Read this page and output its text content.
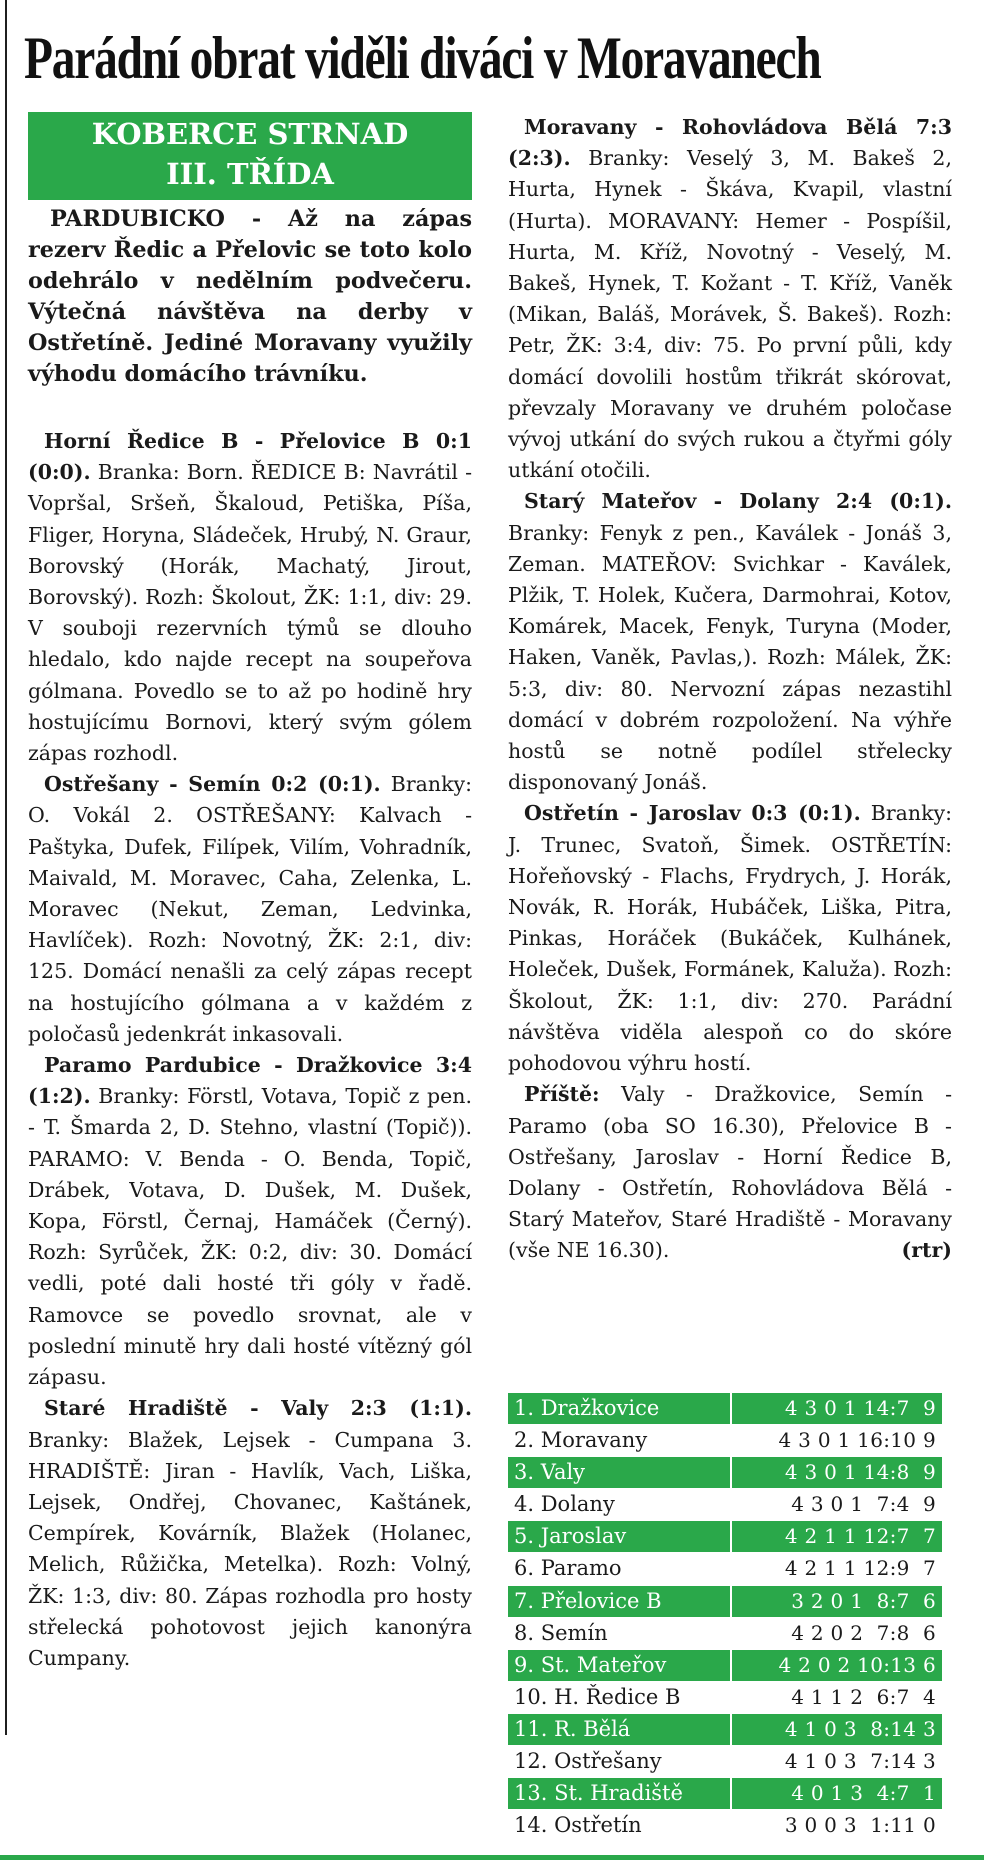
Parádní obrat viděli diváci v Moravanech
KOBERCE STRNAD
III. TŘÍDA

PARDUBICKO - Až na zápas rezerv Ředic a Přelovic se toto kolo odehrálo v nedělním podvečeru. Výtečná návštěva na derby v Ostřetíně. Jediné Moravany využily výhodu domácího trávníku.

Horní Ředice B - Přelovice B 0:1 (0:0). Branka: Born. ŘEDICE B: Navrátil - Vopršal, Sršeň, Škaloud, Petiška, Píša, Fliger, Horyna, Sládeček, Hrubý, N. Graur, Borovský (Horák, Machatý, Jirout, Borovský). Rozh: Školout, ŽK: 1:1, div: 29. V souboji rezervních týmů se dlouho hledalo, kdo najde recept na soupeřova gólmana. Povedlo se to až po hodině hry hostujícímu Bornovi, který svým gólem zápas rozhodl.

Ostřešany - Semín 0:2 (0:1). Branky: O. Vokál 2. OSTŘEŠANY: Kalvach - Paštyka, Dufek, Filípek, Vilím, Vohradník, Maivald, M. Moravec, Caha, Zelenka, L. Moravec (Nekut, Zeman, Ledvinka, Havlíček). Rozh: Novotný, ŽK: 2:1, div: 125. Domácí nenašli za celý zápas recept na hostujícího gólmana a v každém z poločasů jedenkrát inkasovali.

Paramo Pardubice - Dražkovice 3:4 (1:2). Branky: Förstl, Votava, Topič z pen. - T. Šmarda 2, D. Stehno, vlastní (Topič)). PARAMO: V. Benda - O. Benda, Topič, Drábek, Votava, D. Dušek, M. Dušek, Kopa, Förstl, Černaj, Hamáček (Černý). Rozh: Syrůček, ŽK: 0:2, div: 30. Domácí vedli, poté dali hosté tři góly v řadě. Ramovce se povedlo srovnat, ale v poslední minutě hry dali hosté vítězný gól zápasu.

Staré Hradiště - Valy 2:3 (1:1). Branky: Blažek, Lejsek - Cumpana 3. HRADIŠTĚ: Jiran - Havlík, Vach, Liška, Lejsek, Ondřej, Chovanec, Kaštánek, Cempírek, Kovárník, Blažek (Holanec, Melich, Růžička, Metelka). Rozh: Volný, ŽK: 1:3, div: 80. Zápas rozhodla pro hosty střelecká pohotovost jejich kanonýra Cumpany.

Moravany - Rohovládova Bělá 7:3 (2:3). Branky: Veselý 3, M. Bakeš 2, Hurta, Hynek - Škáva, Kvapil, vlastní (Hurta). MORAVANY: Hemer - Pospíšil, Hurta, M. Kříž, Novotný - Veselý, M. Bakeš, Hynek, T. Kožant - T. Kříž, Vaněk (Mikan, Baláš, Morávek, Š. Bakeš). Rozh: Petr, ŽK: 3:4, div: 75. Po první půli, kdy domácí dovolili hostům třikrát skórovat, převzaly Moravany ve druhém poločase vývoj utkání do svých rukou a čtyřmi góly utkání otočili.

Starý Mateřov - Dolany 2:4 (0:1). Branky: Fenyk z pen., Kaválek - Jonáš 3, Zeman. MATEŘOV: Svichkar - Kaválek, Plžik, T. Holek, Kučera, Darmohrai, Kotov, Komárek, Macek, Fenyk, Turyna (Moder, Haken, Vaněk, Pavlas,). Rozh: Málek, ŽK: 5:3, div: 80. Nervozní zápas nezastihl domácí v dobrém rozpoložení. Na výhře hostů se notně podílel střelecky disponovaný Jonáš.

Ostřetín - Jaroslav 0:3 (0:1). Branky: J. Trunec, Svatoň, Šimek. OSTŘETÍN: Hořeňovský - Flachs, Frydrych, J. Horák, Novák, R. Horák, Hubáček, Liška, Pitra, Pinkas, Horáček (Bukáček, Kulhánek, Holeček, Dušek, Formánek, Kaluža). Rozh: Školout, ŽK: 1:1, div: 270. Parádní návštěva viděla alespoň co do skóre pohodovou výhru hostí.

Příště: Valy - Dražkovice, Semín - Paramo (oba SO 16.30), Přelovice B - Ostřešany, Jaroslav - Horní Ředice B, Dolany - Ostřetín, Rohovládova Bělá - Starý Mateřov, Staré Hradiště - Moravany (vše NE 16.30).	(rtr)

1. Dražkovice	4 3 0 1 14:7  9
2. Moravany	4 3 0 1 16:10 9
3. Valy	4 3 0 1 14:8  9
4. Dolany	4 3 0 1  7:4  9
5. Jaroslav	4 2 1 1 12:7  7
6. Paramo	4 2 1 1 12:9  7
7. Přelovice B	3 2 0 1  8:7  6
8. Semín	4 2 0 2  7:8  6
9. St. Mateřov	4 2 0 2 10:13 6
10. H. Ředice B	4 1 1 2  6:7  4
11. R. Bělá	4 1 0 3  8:14 3
12. Ostřešany	4 1 0 3  7:14 3
13. St. Hradiště	4 0 1 3  4:7  1
14. Ostřetín	3 0 0 3  1:11 0
